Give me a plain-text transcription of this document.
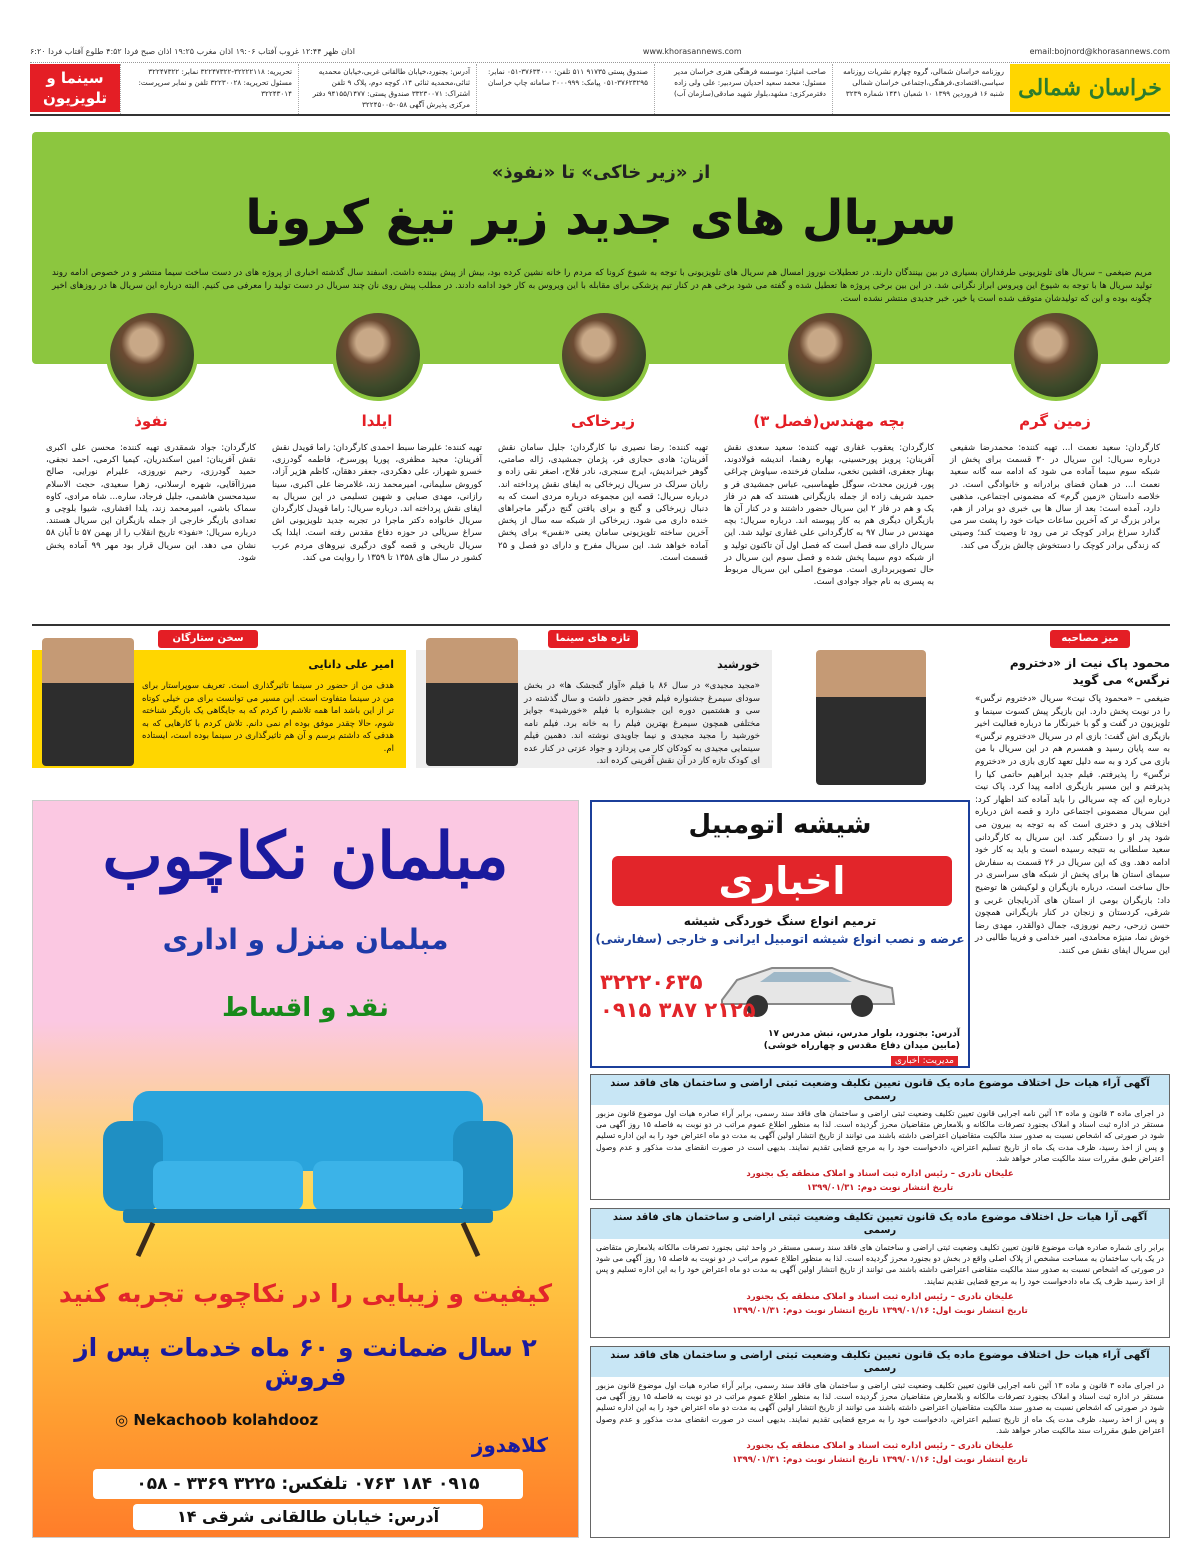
اذان ظهر ۱۲:۴۴ غروب آفتاب ۱۹:۰۶ اذان مغرب ۱۹:۲۵ اذان صبح فردا ۴:۵۲ طلوع آفتاب فردا ۶:۲۰	www.khorasannews.com	email:bojnord@khorasannews.com
خراسان شمالی
روزنامه خراسان شمالی، گروه چهارم نشریات روزنامه سیاسی،اقتصادی،فرهنگی،اجتماعی خراسان شمالی شنبه ۱۶ فروردین ۱۳۹۹ ۱۰ شعبان ۱۴۴۱ شماره ۳۲۳۹
صاحب امتیاز: موسسه فرهنگی هنری خراسان مدیر مسئول: محمد سعید احدیان سردبیر: علی ولی زاده دفترمرکزی: مشهد،بلوار شهید صادقی(سازمان آب)
صندوق پستی ۹۱۷۳۵ ۵۱۱ تلفن: ۳۷۶۳۴۰۰۰-۰۵۱ نمابر: ۳۷۶۲۳۲۹۵-۰۵۱ پیامک: ۲۰۰۰۹۹۹ سامانه چاپ خراسان
آدرس: بجنورد،خیابان طالقانی غربی،خیابان محمدیه ثنائی،محمدیه ثنائی ۱۴، کوچه دوم، پلاک ۹ تلفن اشتراک: ۳۳۲۳۰۰۷۱ صندوق پستی: ۹۴۱۵۵/۱۴۷۷ دفتر مرکزی پذیرش آگهی ۰۵۸-۳۲۲۴۵۰۰۵
تحریریه: ۳۲۲۲۲۱۱۸-۳۲۲۴۷۳۲۲ نمابر: ۳۲۲۴۷۳۲۲ مسئول تحریریه: ۳۲۲۳۰۰۲۸ تلفن و نمابر سرپرست: ۳۲۲۴۳۰۱۴
سینما و تلویزیون
از «زیر خاکی» تا «نفوذ»
سریال های جدید زیر تیغ کرونا
مریم ضیغمی – سریال های تلویزیونی طرفداران بسیاری در بین بینندگان دارند. در تعطیلات نوروز امسال هم سریال های تلویزیونی با توجه به شیوع کرونا که مردم را خانه نشین کرده بود، بیش از پیش بیننده داشت. اسفند سال گذشته اخباری از پروژه های در دست ساخت سیما منتشر و در خصوص ادامه روند تولید سریال ها با توجه به شیوع این ویروس ابراز نگرانی شد. در این بین برخی پروژه ها تعطیل شده و گفته می شود برخی هم در کنار تیم پزشکی برای مقابله با این ویروس به کار خود ادامه دادند. در مطلب پیش روی نان چند سریال در دست تولید را معرفی می کنیم. البته درباره این سریال ها در روزهای اخیر چگونه بوده و این که تولیدشان متوقف شده است یا خیر، خبر جدیدی منتشر نشده است.
زمین گرم
کارگردان: سعید نعمت ا... تهیه کننده: محمدرضا شفیعی درباره سریال: این سریال در ۳۰ قسمت برای پخش از شبکه سوم سیما آماده می شود که ادامه سه گانه سعید نعمت ا... در همان فضای برادرانه و خانوادگی است. در خلاصه داستان «زمین گرم» که مضمونی اجتماعی، مذهبی دارد، آمده است: بعد از سال ها بی خبری دو برادر از هم، برادر بزرگ تر که آخرین ساعات حیات خود را پشت سر می گذارد سراغ برادر کوچک تر می رود تا وصیت کند؛ وصیتی که زندگی برادر کوچک را دستخوش چالش بزرگ می کند.
بچه مهندس(فصل ۳)
کارگردان: یعقوب غفاری تهیه کننده: سعید سعدی نقش آفرینان: پرویز پورحسینی، بهاره رهنما، اندیشه فولادوند، بهناز جعفری، افشین نخعی، سلمان فرخنده، سیاوش چراغی پور، فرزین محدث، سوگل طهماسبی، عباس جمشیدی فر و حمید شریف زاده از جمله بازیگرانی هستند که هم در فاز یک و هم در فاز ۲ این سریال حضور داشتند و در کنار آن ها بازیگران دیگری هم به کار پیوسته اند. درباره سریال: بچه مهندس در سال ۹۷ به کارگردانی علی غفاری تولید شد. این سریال دارای سه فصل است که فصل اول آن تاکنون تولید و از شبکه دوم سیما پخش شده و فصل سوم این سریال در حال تصویربرداری است. موضوع اصلی این سریال مربوط به پسری به نام جواد جوادی است.
زیرخاکی
تهیه کننده: رضا نصیری نیا کارگردان: جلیل سامان نقش آفرینان: هادی حجازی فر، پژمان جمشیدی، ژاله صامتی، گوهر خیراندیش، ایرج سنجری، نادر فلاح، اصغر نقی زاده و رایان سرلک در سریال زیرخاکی به ایفای نقش پرداخته اند. درباره سریال: قصه این مجموعه درباره مردی است که به دنبال زیرخاکی و گنج و برای یافتن گنج درگیر ماجراهای خنده داری می شود. زیرخاکی از شبکه سه سال از پخش آخرین ساخته تلویزیونی سامان یعنی «نفس» برای پخش آماده خواهد شد. این سریال مفرح و دارای دو فصل و ۲۵ قسمت است.
ایلدا
تهیه کننده: علیرضا سبط احمدی کارگردان: راما قویدل نقش آفرینان: مجید مظفری، پوریا پورسرخ، فاطمه گودرزی، خسرو شهراز، علی دهکردی، جعفر دهقان، کاظم هژیر آزاد، کوروش سلیمانی، امیرمحمد زند، غلامرضا علی اکبری، سینا رازانی، مهدی صبایی و شهین تسلیمی در این سریال به ایفای نقش پرداخته اند. درباره سریال: راما قویدل کارگردان سریال خانواده دکتر ماجرا در تجربه جدید تلویزیونی اش سراغ سریالی در حوزه دفاع مقدس رفته است. ایلدا یک سریال تاریخی و قصه گوی درگیری نیروهای مردم عرب کشور در سال های ۱۳۵۸ تا ۱۳۵۹ را روایت می کند.
نفوذ
کارگردان: جواد شمقدری تهیه کننده: محسن علی اکبری نقش آفرینان: امین اسکندریان، کیمیا اکرمی، احمد نجفی، حمید گودرزی، رحیم نوروزی، علیرام نورایی، صالح میرزاآقایی، شهره ارسلانی، زهرا سعیدی، حجت الاسلام سیدمحسن هاشمی، جلیل فرجاد، ساره... شاه مرادی، کاوه سماک باشی، امیرمحمد زند، یلدا افشاری، شیوا بلوچی و تعدادی بازیگر خارجی از جمله بازیگران این سریال هستند. درباره سریال: «نفوذ» تاریخ انقلاب را از بهمن ۵۷ تا آبان ۵۸ نشان می دهد. این سریال قرار بود مهر ۹۹ آماده پخش شود.
میز مصاحبه
تازه های سینما
سخن ستارگان
امیر علی دانایی
هدف من از حضور در سینما تاثیرگذاری است. تعریف سوپراستار برای من در سینما متفاوت است. این مسیر می توانست برای من خیلی کوتاه تر از این باشد اما همه تلاشم را کردم که به جایگاهی یک بازیگر شناخته شوم، حالا چقدر موفق بوده ام نمی دانم. تلاش کردم با کارهایی که به هدفی که داشتم برسم و آن هم تاثیرگذاری در سینما بوده است، ایستاده ام.
خورشید
«مجید مجیدی» در سال ۸۶ با فیلم «آواز گنجشک ها» در بخش سودای سیمرغ جشنواره فیلم فجر حضور داشت و سال گذشته در سی و هشتمین دوره این جشنواره با فیلم «خورشید» جوایز مختلفی همچون سیمرغ بهترین فیلم را به خانه برد. فیلم نامه خورشید را مجید مجیدی و نیما جاویدی نوشته اند. دهمین فیلم سینمایی مجیدی به کودکان کار می پردازد و جواد عزتی در کنار عده ای کودک تازه کار در آن نقش آفرینی کرده اند.
محمود پاک نیت از «دختروم نرگس» می گوید
ضیغمی – «محمود پاک نیت» سریال «دختروم نرگس» را در نوبت پخش دارد. این بازیگر پیش کسوت سینما و تلویزیون در گفت و گو با خبرنگار ما درباره فعالیت اخیر بازیگری اش گفت: بازی ام در سریال «دختروم نرگس» به سه پایان رسید و همسرم هم در این سریال با من بازی می کرد و به سه دلیل تعهد کاری بازی در «دختروم نرگس» را پذیرفتم. فیلم جدید ابراهیم حاتمی کیا را پذیرفتم و این مسیر بازیگری ادامه پیدا کرد. پاک نیت درباره این که چه سریالی را باید آماده کند اظهار کرد: این سریال مضمونی اجتماعی دارد و قصه اش درباره اختلاف پدر و دختری است که به توجه به بیرون می شود پدر او را دستگیر کند. این سریال به کارگردانی سعید سلطانی به نتیجه رسیده است و باید به کار خود ادامه دهد. وی که این سریال در ۲۶ قسمت به سفارش سیمای استان ها برای پخش از شبکه های سراسری در حال ساخت است، درباره بازیگران و لوکیشن ها توضیح داد: بازیگران بومی از استان های آذربایجان غربی و شرقی، کردستان و زنجان در کنار بازیگرانی همچون حسن زرحی، رحیم نوروزی، جمال ذوالقدر، مهدی رضا خوش نما، منیژه محامدی، امیر خدامی و فریبا طالبی در این سریال ایفای نقش می کنند.
مبلمان نکاچوب
مبلمان منزل و اداری
نقد و اقساط
کیفیت و زیبایی را در نکاچوب تجربه کنید
۲ سال ضمانت و ۶۰ ماه خدمات پس از فروش
◎ Nekachoob kolahdooz
کلاهدوز
۰۹۱۵ ۱۸۴ ۰۷۶۳ تلفکس: ۳۲۲۵ ۳۳۶۹ - ۰۵۸
آدرس: خیابان طالقانی شرقی ۱۴
شیشه اتومبیل
اخباری
ترمیم انواع سنگ خوردگی شیشه
عرضه و نصب انواع شیشه اتومبیل ایرانی و خارجی (سفارشی)
۳۲۲۲۰۶۳۵
۰۹۱۵ ۳۸۷ ۲۱۲۵
آدرس: بجنورد، بلوار مدرس، نبش مدرس ۱۷ (مابین میدان دفاع مقدس و چهارراه خوشی)
مدیریت: اخباری
آگهی آراء هیات حل اختلاف موضوع ماده یک قانون تعیین تکلیف وضعیت ثبتی اراضی و ساختمان های فاقد سند رسمی
در اجرای ماده ۳ قانون و ماده ۱۳ آئین نامه اجرایی قانون تعیین تکلیف وضعیت ثبتی اراضی و ساختمان های فاقد سند رسمی، برابر آراء صادره هیات اول موضوع قانون مزبور مستقر در اداره ثبت اسناد و املاک بجنورد تصرفات مالکانه و بلامعارض متقاضیان محرز گردیده است. لذا به منظور اطلاع عموم مراتب در دو نوبت به فاصله ۱۵ روز آگهی می شود در صورتی که اشخاص نسبت به صدور سند مالکیت متقاضیان اعتراضی داشته باشند می توانند از تاریخ انتشار اولین آگهی به مدت دو ماه اعتراض خود را به این اداره تسلیم و پس از اخذ رسید، ظرف مدت یک ماه از تاریخ تسلیم اعتراض، دادخواست خود را به مرجع قضایی تقدیم نمایند. بدیهی است در صورت انقضای مدت مذکور و عدم وصول اعتراض طبق مقررات سند مالکیت صادر خواهد شد.
علیخان نادری – رئیس اداره ثبت اسناد و املاک منطقه یک بجنورد
تاریخ انتشار نوبت دوم: ۱۳۹۹/۰۱/۳۱
آگهی آرا هیات حل اختلاف موضوع ماده یک قانون تعیین تکلیف وضعیت ثبتی اراضی و ساختمان های فاقد سند رسمی
برابر رای شماره صادره هیات موضوع قانون تعیین تکلیف وضعیت ثبتی اراضی و ساختمان های فاقد سند رسمی مستقر در واحد ثبتی بجنورد تصرفات مالکانه بلامعارض متقاضی در یک باب ساختمان به مساحت مشخص از پلاک اصلی واقع در بخش دو بجنورد محرز گردیده است. لذا به منظور اطلاع عموم مراتب در دو نوبت به فاصله ۱۵ روز آگهی می شود در صورتی که اشخاص نسبت به صدور سند مالکیت متقاضی اعتراضی داشته باشند می توانند از تاریخ انتشار اولین آگهی به مدت دو ماه اعتراض خود را به این اداره تسلیم و پس از اخذ رسید ظرف یک ماه دادخواست خود را به مرجع قضایی تقدیم نمایند.
علیخان نادری – رئیس اداره ثبت اسناد و املاک منطقه یک بجنورد
تاریخ انتشار نوبت اول: ۱۳۹۹/۰۱/۱۶ تاریخ انتشار نوبت دوم: ۱۳۹۹/۰۱/۳۱
آگهی آراء هیات حل اختلاف موضوع ماده یک قانون تعیین تکلیف وضعیت ثبتی اراضی و ساختمان های فاقد سند رسمی
در اجرای ماده ۳ قانون و ماده ۱۳ آئین نامه اجرایی قانون تعیین تکلیف وضعیت ثبتی اراضی و ساختمان های فاقد سند رسمی، برابر آراء صادره هیات اول موضوع قانون مزبور مستقر در اداره ثبت اسناد و املاک بجنورد تصرفات مالکانه و بلامعارض متقاضیان محرز گردیده است. لذا به منظور اطلاع عموم مراتب در دو نوبت به فاصله ۱۵ روز آگهی می شود در صورتی که اشخاص نسبت به صدور سند مالکیت متقاضیان اعتراضی داشته باشند می توانند از تاریخ انتشار اولین آگهی به مدت دو ماه اعتراض خود را به این اداره تسلیم و پس از اخذ رسید، ظرف مدت یک ماه از تاریخ تسلیم اعتراض، دادخواست خود را به مرجع قضایی تقدیم نمایند. بدیهی است در صورت انقضای مدت مذکور و عدم وصول اعتراض طبق مقررات سند مالکیت صادر خواهد شد.
علیخان نادری – رئیس اداره ثبت اسناد و املاک منطقه یک بجنورد
تاریخ انتشار نوبت اول: ۱۳۹۹/۰۱/۱۶ تاریخ انتشار نوبت دوم: ۱۳۹۹/۰۱/۳۱
